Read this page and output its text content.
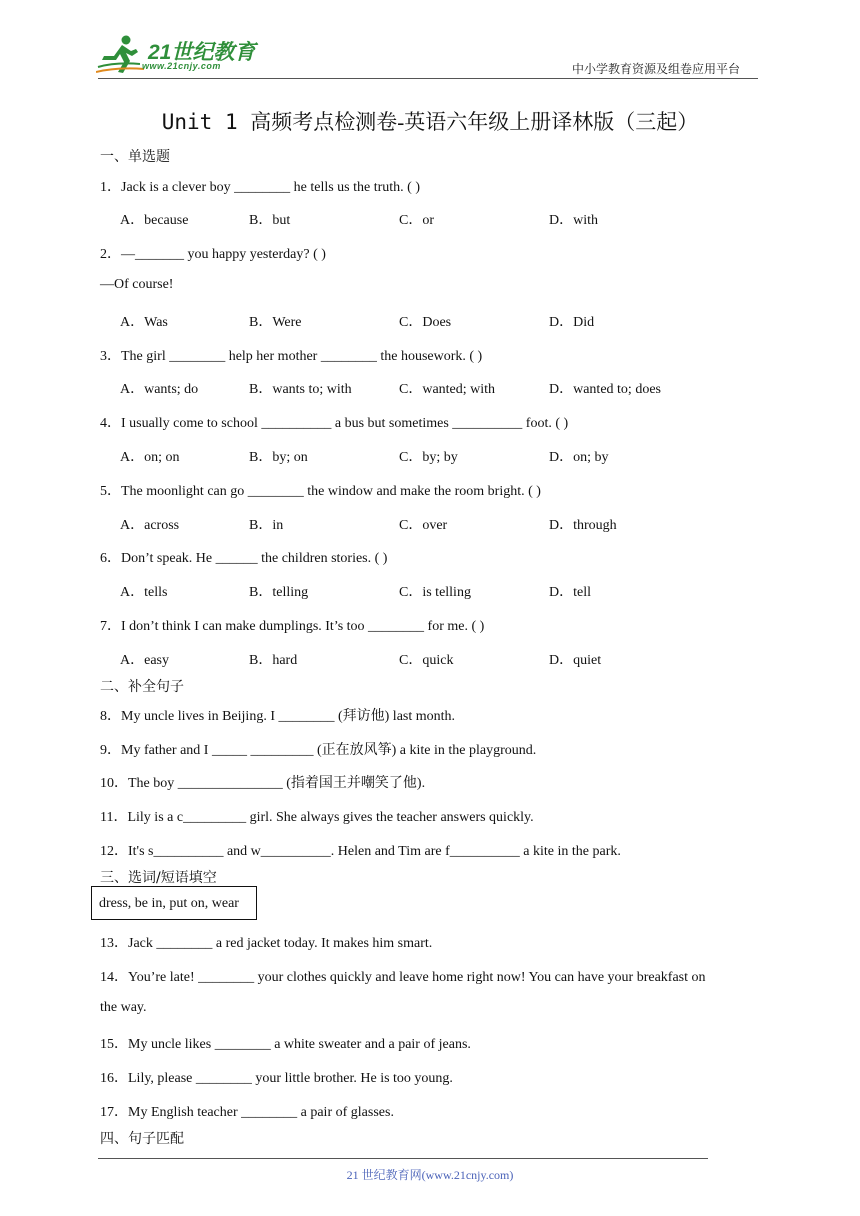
21世纪教育
www.21cnjy.com	中小学教育资源及组卷应用平台
Unit 1 高频考点检测卷-英语六年级上册译林版（三起）
一、单选题
1．Jack is a clever boy ________ he tells us the truth. ( )
A．because	B．but	C．or	D．with
2．—_______ you happy yesterday? ( )
—Of course!
A．Was	B．Were	C．Does	D．Did
3．The girl ________ help her mother ________ the housework. ( )
A．wants; do	B．wants to; with	C．wanted; with	D．wanted to; does
4．I usually come to school __________ a bus but sometimes __________ foot. ( )
A．on; on	B．by; on	C．by; by	D．on; by
5．The moonlight can go ________ the window and make the room bright. ( )
A．across	B．in	C．over	D．through
6．Don’t speak. He ______ the children stories. ( )
A．tells	B．telling	C．is telling	D．tell
7．I don’t think I can make dumplings. It’s too ________ for me. ( )
A．easy	B．hard	C．quick	D．quiet
二、补全句子
8．My uncle lives in Beijing. I ________ (拜访他) last month.
9．My father and I _____ _________ (正在放风筝) a kite in the playground.
10．The boy _______________ (指着国王并嘲笑了他).
11．Lily is a c_________ girl. She always gives the teacher answers quickly.
12．It's s__________ and w__________. Helen and Tim are f__________ a kite in the park.
三、选词/短语填空
dress, be in, put on, wear
13．Jack ________ a red jacket today. It makes him smart.
14．You’re late! ________ your clothes quickly and leave home right now! You can have your breakfast on
the way.
15．My uncle likes ________ a white sweater and a pair of jeans.
16．Lily, please ________ your little brother. He is too young.
17．My English teacher ________ a pair of glasses.
四、句子匹配
21 世纪教育网(www.21cnjy.com)
